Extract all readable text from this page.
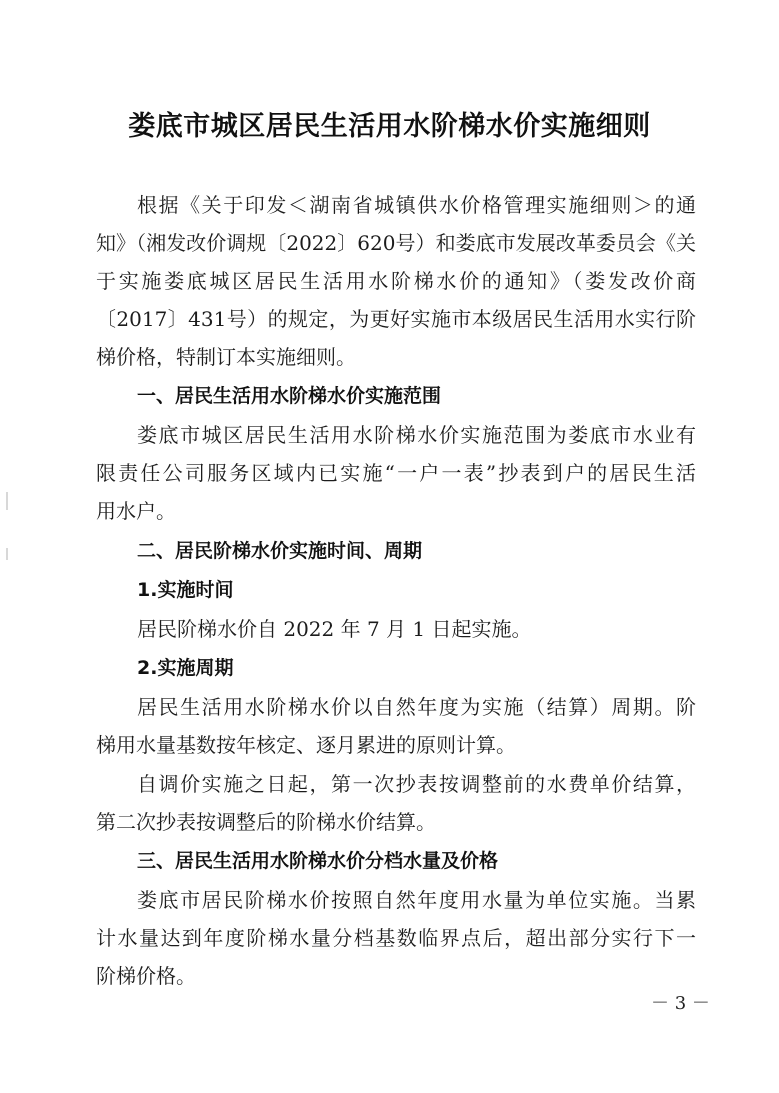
娄底市城区居民生活用水阶梯水价实施细则
根据《关于印发＜湖南省城镇供水价格管理实施细则＞的通
知》（湘发改价调规〔2022〕620号）和娄底市发展改革委员会《关
于实施娄底城区居民生活用水阶梯水价的通知》（娄发改价商
〔2017〕431号）的规定，为更好实施市本级居民生活用水实行阶
梯价格，特制订本实施细则。
一、居民生活用水阶梯水价实施范围
娄底市城区居民生活用水阶梯水价实施范围为娄底市水业有
限责任公司服务区域内已实施“一户一表”抄表到户的居民生活
用水户。
二、居民阶梯水价实施时间、周期
1.实施时间
居民阶梯水价自 2022 年 7 月 1 日起实施。
2.实施周期
居民生活用水阶梯水价以自然年度为实施（结算）周期。阶
梯用水量基数按年核定、逐月累进的原则计算。
自调价实施之日起，第一次抄表按调整前的水费单价结算，
第二次抄表按调整后的阶梯水价结算。
三、居民生活用水阶梯水价分档水量及价格
娄底市居民阶梯水价按照自然年度用水量为单位实施。当累
计水量达到年度阶梯水量分档基数临界点后，超出部分实行下一
阶梯价格。
－ 3 －
